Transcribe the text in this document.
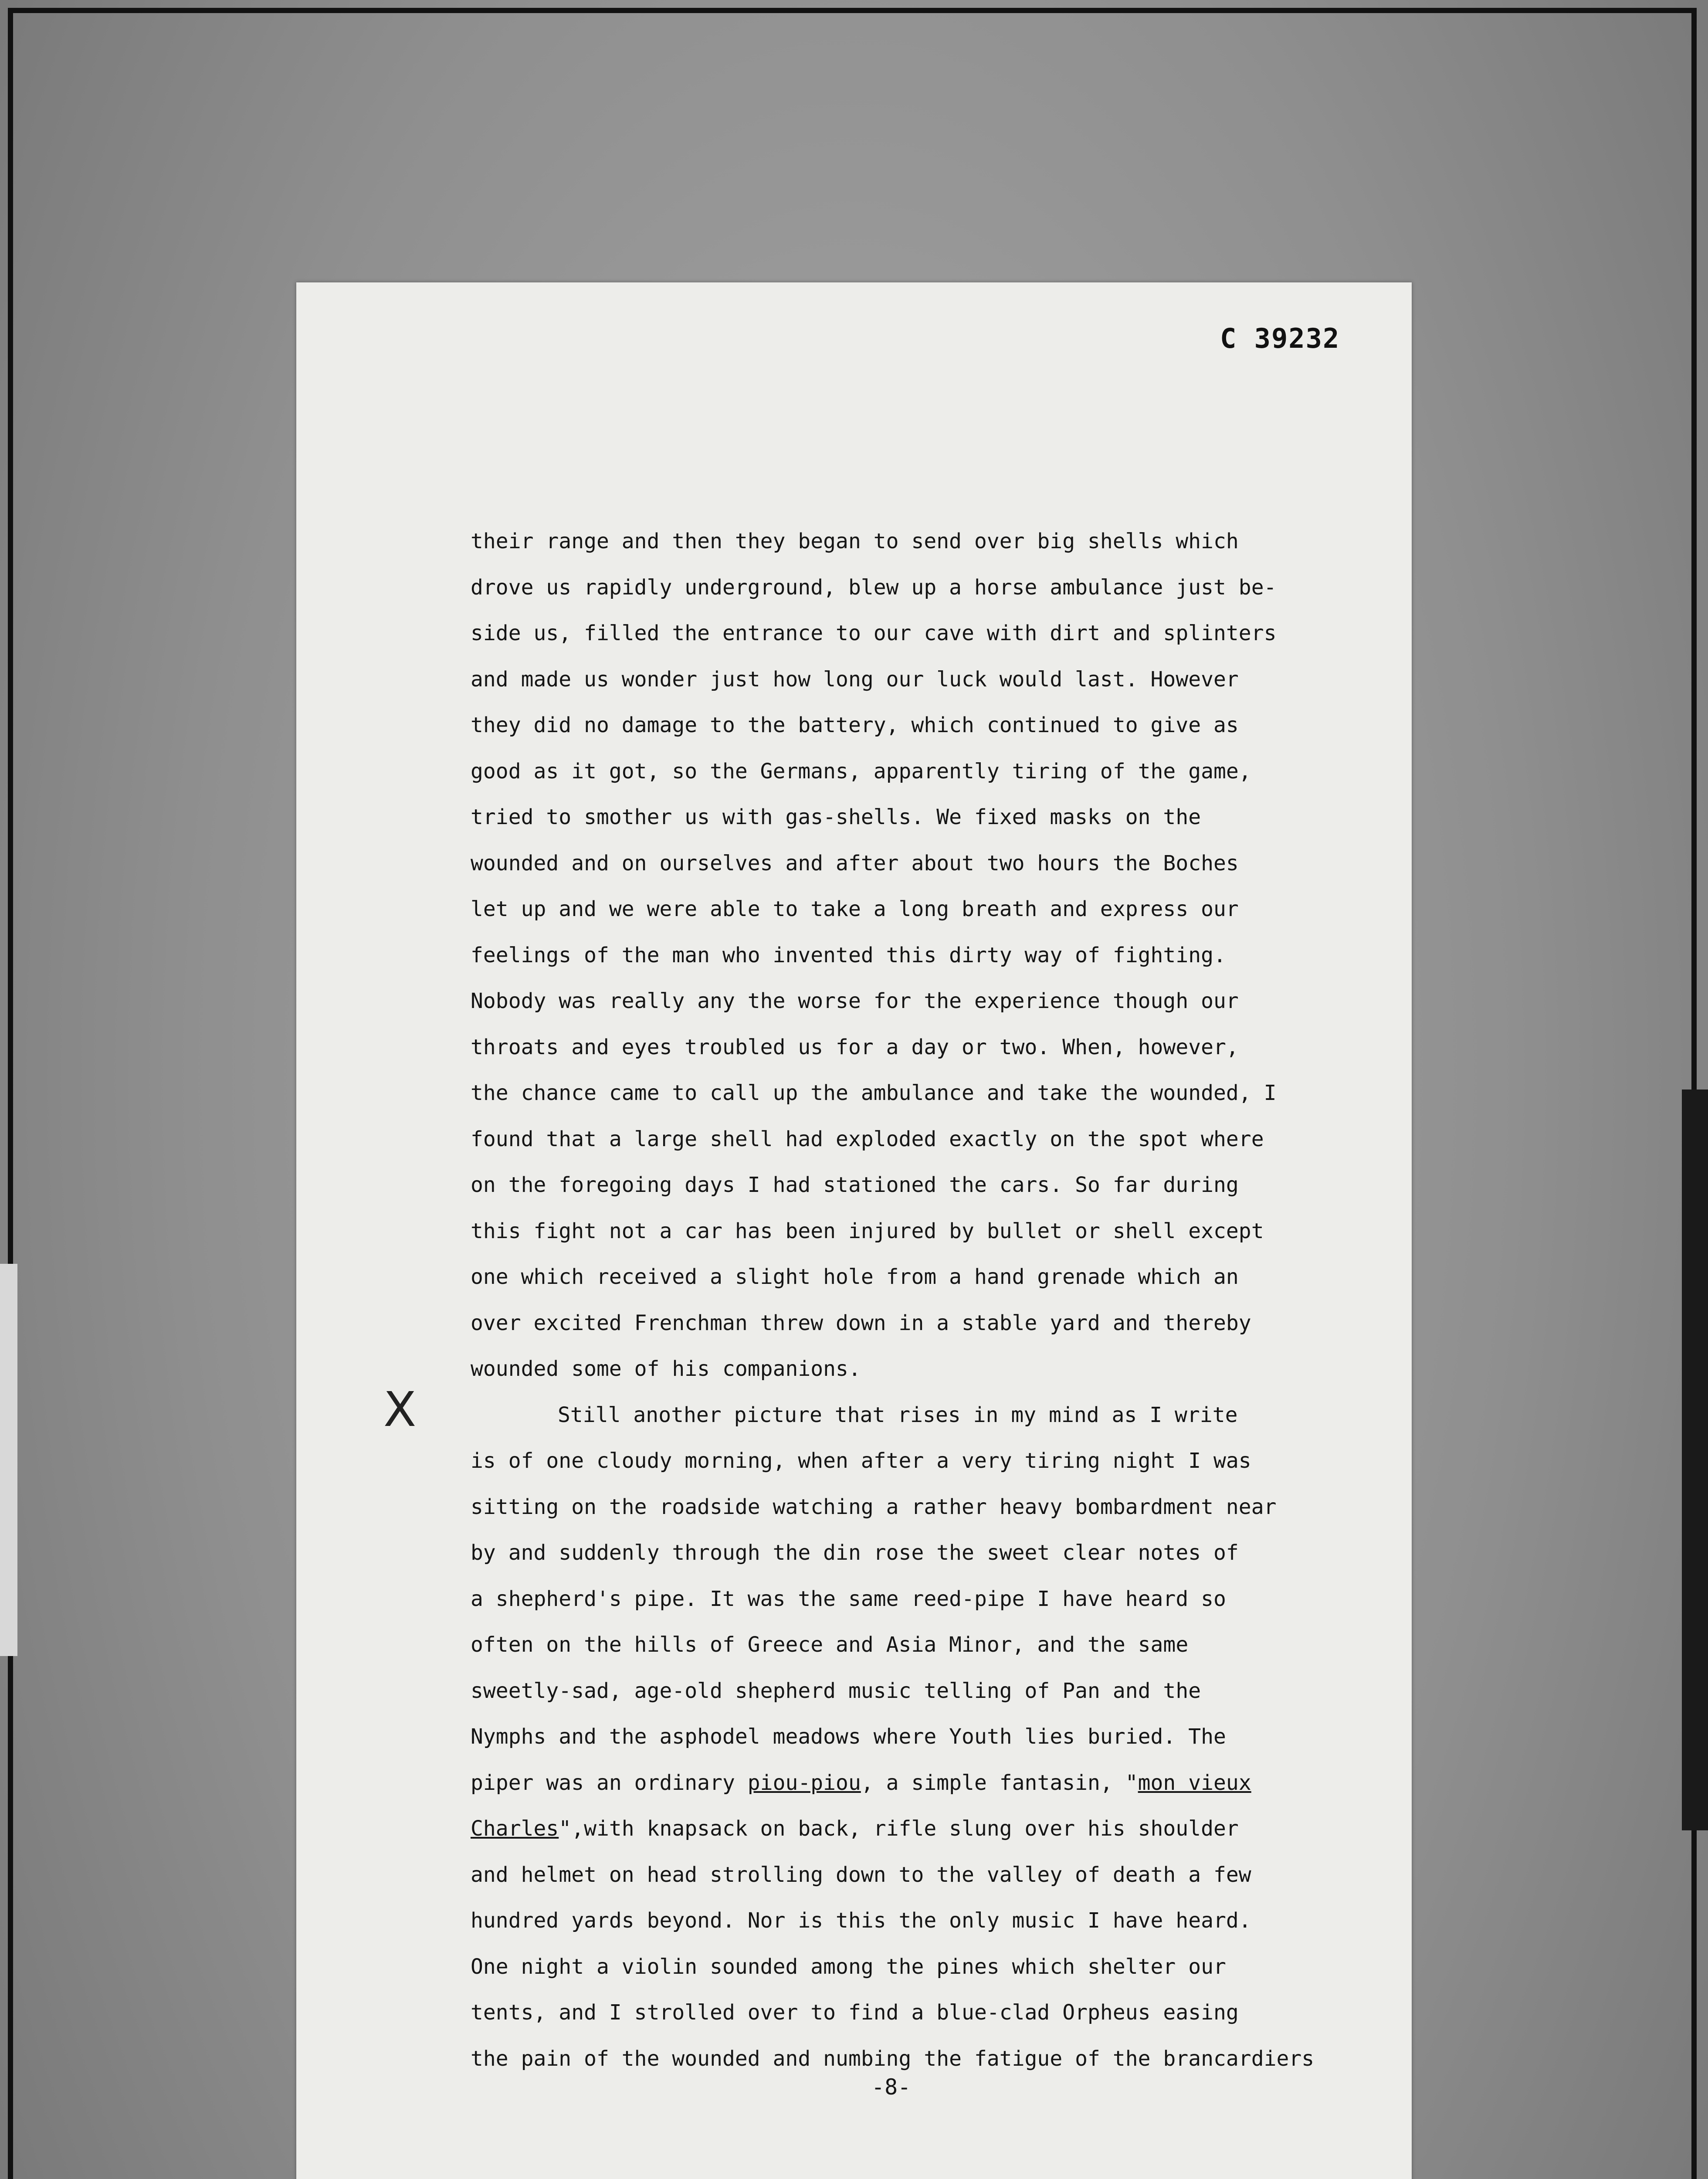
C 39232
X
their range and then they began to send over big shells which
drove us rapidly underground, blew up a horse ambulance just be-
side us, filled the entrance to our cave with dirt and splinters
and made us wonder just how long our luck would last. However
they did no damage to the battery, which continued to give as
good as it got, so the Germans, apparently tiring of the game,
tried to smother us with gas-shells. We fixed masks on the
wounded and on ourselves and after about two hours the Boches
let up and we were able to take a long breath and express our
feelings of the man who invented this dirty way of fighting.
Nobody was really any the worse for the experience though our
throats and eyes troubled us for a day or two. When, however,
the chance came to call up the ambulance and take the wounded, I
found that a large shell had exploded exactly on the spot where
on the foregoing days I had stationed the cars. So far during
this fight not a car has been injured by bullet or shell except
one which received a slight hole from a hand grenade which an
over excited Frenchman threw down in a stable yard and thereby
wounded some of his companions.
Still another picture that rises in my mind as I write
is of one cloudy morning, when after a very tiring night I was
sitting on the roadside watching a rather heavy bombardment near
by and suddenly through the din rose the sweet clear notes of
a shepherd's pipe. It was the same reed-pipe I have heard so
often on the hills of Greece and Asia Minor, and the same
sweetly-sad, age-old shepherd music telling of Pan and the
Nymphs and the asphodel meadows where Youth lies buried. The
piper was an ordinary piou-piou, a simple fantasin, "mon vieux
Charles",with knapsack on back, rifle slung over his shoulder
and helmet on head strolling down to the valley of death a few
hundred yards beyond. Nor is this the only music I have heard.
One night a violin sounded among the pines which shelter our
tents, and I strolled over to find a blue-clad Orpheus easing
the pain of the wounded and numbing the fatigue of the brancardiers
-8-
